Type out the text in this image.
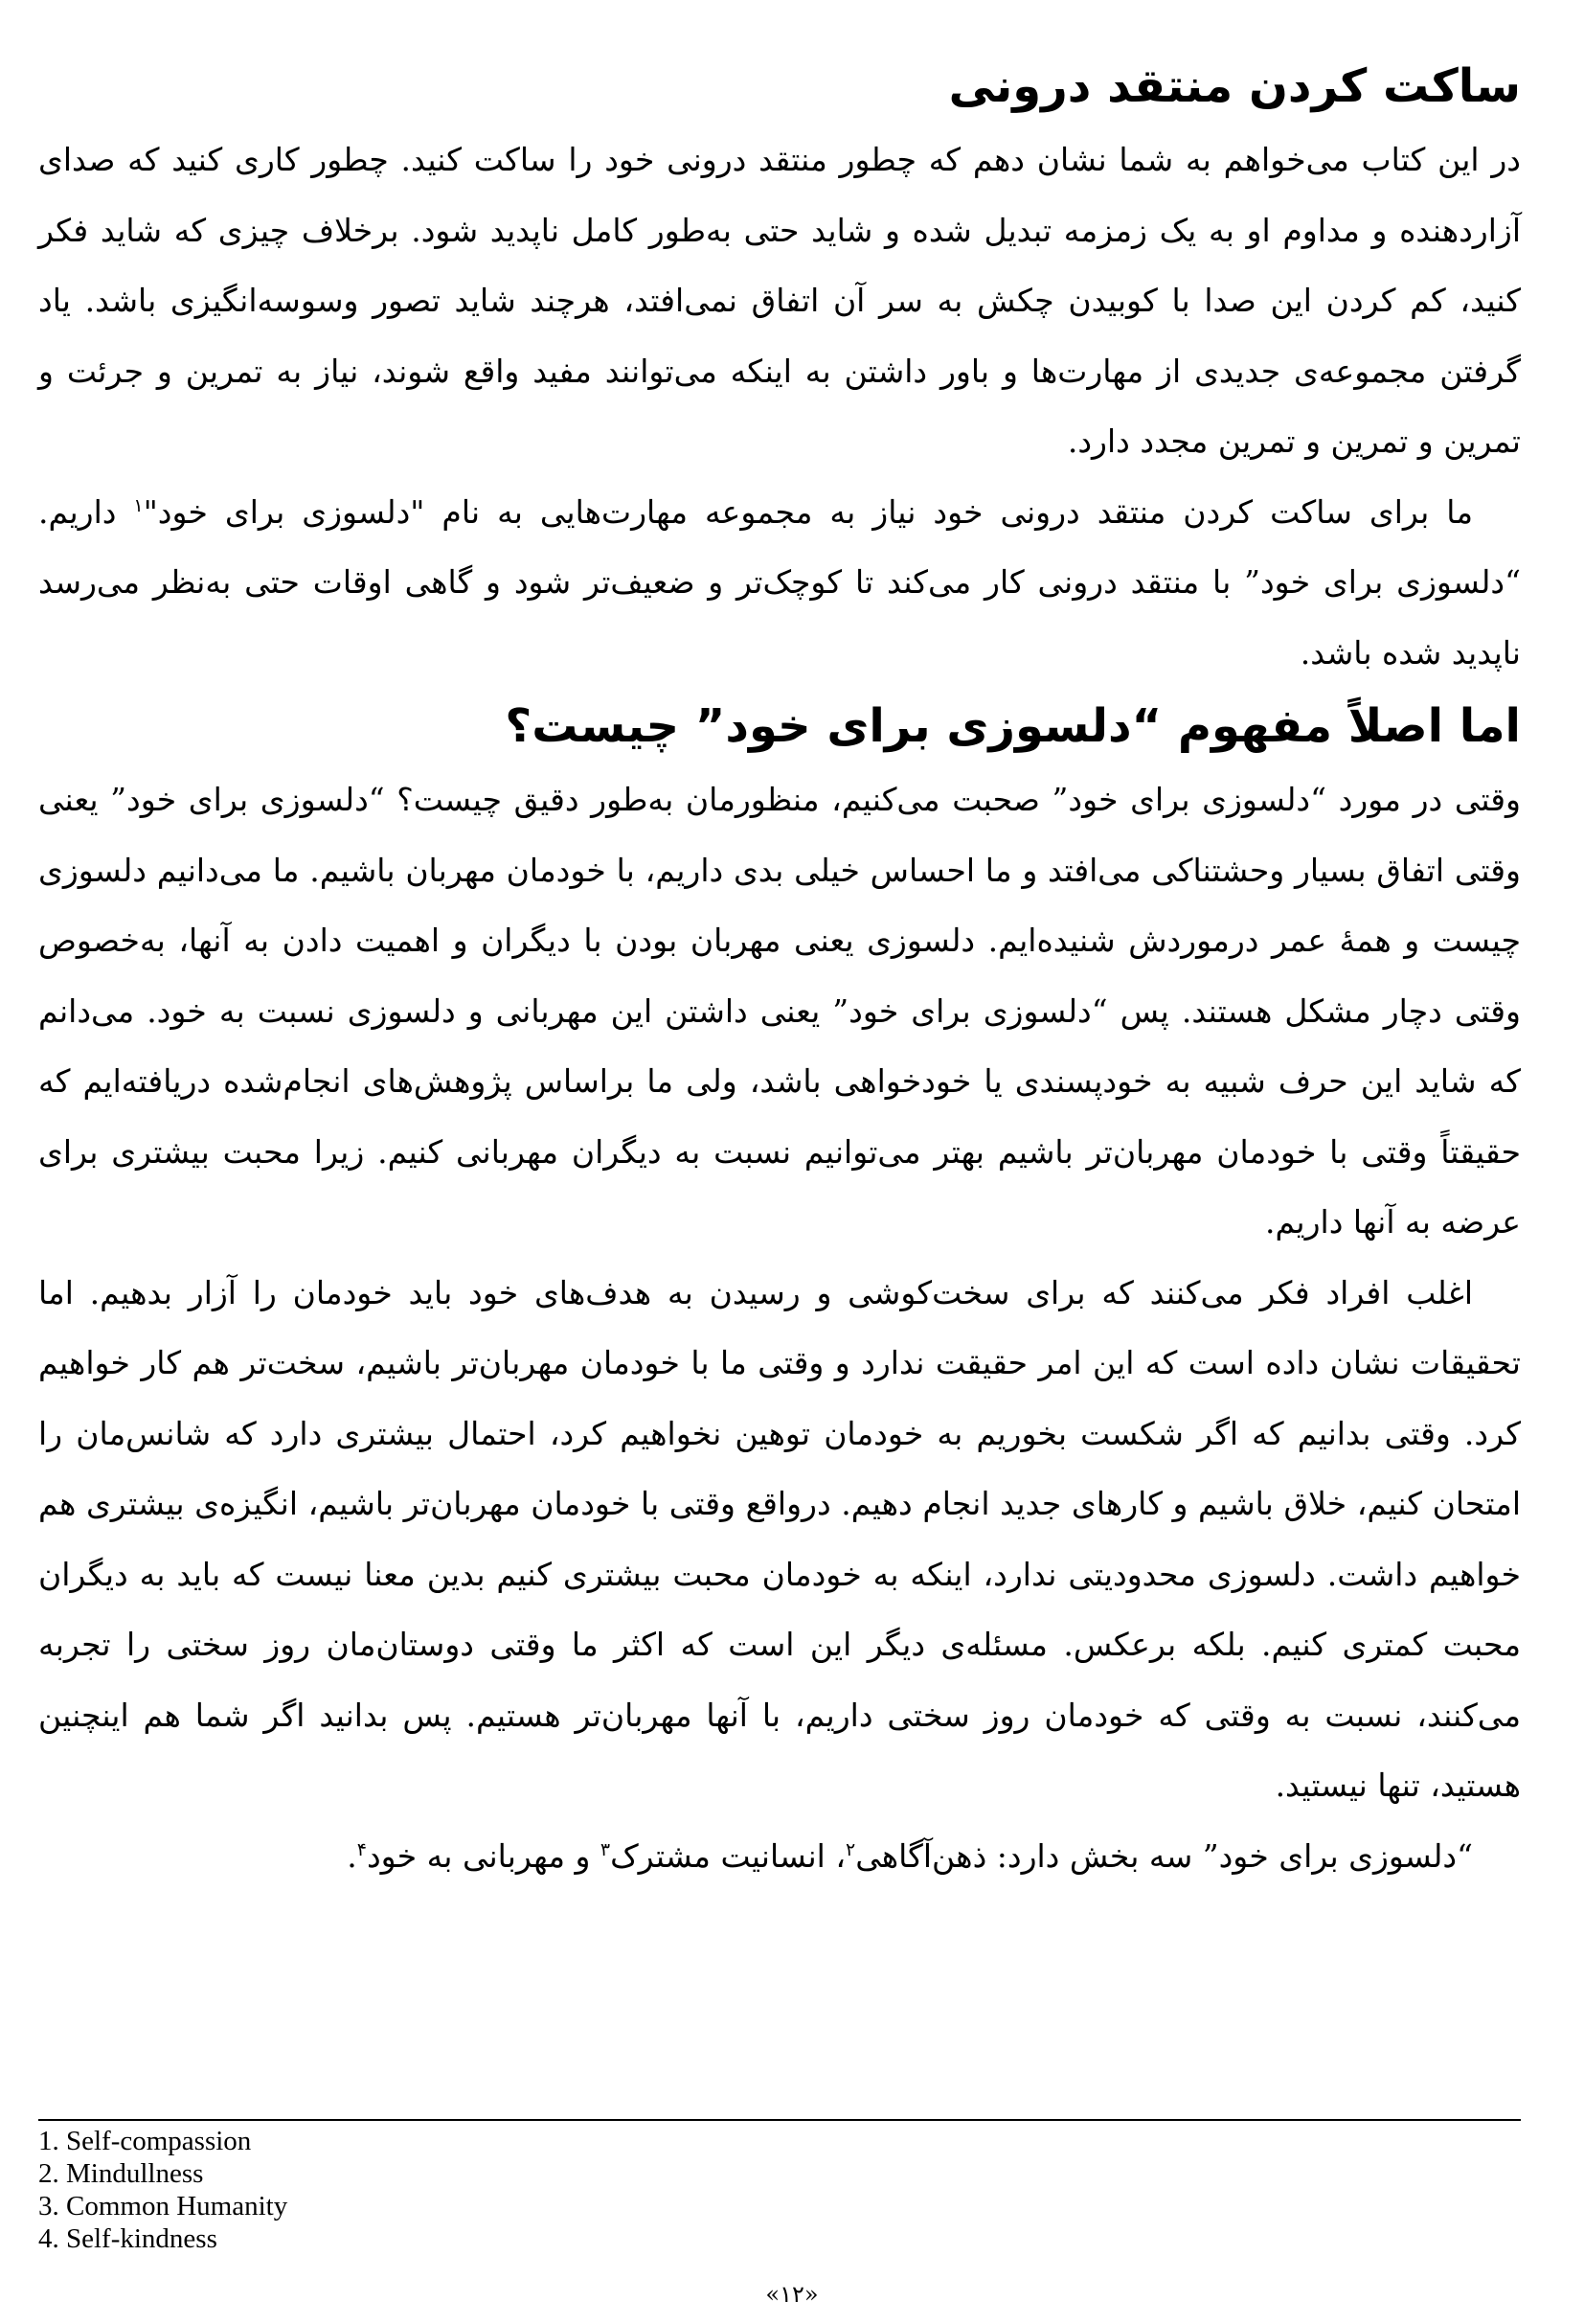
ساکت کردن منتقد درونی

در این کتاب می‌خواهم به شما نشان دهم که چطور منتقد درونی خود را ساکت کنید. چطور کاری کنید که صدای آزاردهنده و مداوم او به یک زمزمه تبدیل شده و شاید حتی به‌طور کامل ناپدید شود. برخلاف چیزی که شاید فکر کنید، کم کردن این صدا با کوبیدن چکش به سر آن اتفاق نمی‌افتد، هرچند شاید تصور وسوسه‌انگیزی باشد. یاد گرفتن مجموعه‌ی جدیدی از مهارت‌ها و باور داشتن به اینکه می‌توانند مفید واقع شوند، نیاز به تمرین و جرئت و تمرین و تمرین و تمرین مجدد دارد.

ما برای ساکت کردن منتقد درونی خود نیاز به مجموعه مهارت‌هایی به نام "دلسوزی برای خود"$^۱$ داریم. “دلسوزی برای خود” با منتقد درونی کار می‌کند تا کوچک‌تر و ضعیف‌تر شود و گاهی اوقات حتی به‌نظر می‌رسد ناپدید شده باشد.

اما اصلاً مفهوم “دلسوزی برای خود” چیست؟

وقتی در مورد “دلسوزی برای خود” صحبت می‌کنیم، منظورمان به‌طور دقیق چیست؟ “دلسوزی برای خود” یعنی وقتی اتفاق بسیار وحشتناکی می‌افتد و ما احساس خیلی بدی داریم، با خودمان مهربان باشیم. ما می‌دانیم دلسوزی چیست و همهٔ عمر درموردش شنیده‌ایم. دلسوزی یعنی مهربان بودن با دیگران و اهمیت دادن به آنها، به‌خصوص وقتی دچار مشکل هستند. پس “دلسوزی برای خود” یعنی داشتن این مهربانی و دلسوزی نسبت به خود. می‌دانم که شاید این حرف شبیه به خودپسندی یا خودخواهی باشد، ولی ما براساس پژوهش‌های انجام‌شده دریافته‌ایم که حقیقتاً وقتی با خودمان مهربان‌تر باشیم بهتر می‌توانیم نسبت به دیگران مهربانی کنیم. زیرا محبت بیشتری برای عرضه به آنها داریم.

اغلب افراد فکر می‌کنند که برای سخت‌کوشی و رسیدن به هدف‌های خود باید خودمان را آزار بدهیم. اما تحقیقات نشان داده است که این امر حقیقت ندارد و وقتی ما با خودمان مهربان‌تر باشیم، سخت‌تر هم کار خواهیم کرد. وقتی بدانیم که اگر شکست بخوریم به خودمان توهین نخواهیم کرد، احتمال بیشتری دارد که شانس‌مان را امتحان کنیم، خلاق باشیم و کارهای جدید انجام دهیم. درواقع وقتی با خودمان مهربان‌تر باشیم، انگیزه‌ی بیشتری هم خواهیم داشت. دلسوزی محدودیتی ندارد، اینکه به خودمان محبت بیشتری کنیم بدین معنا نیست که باید به دیگران محبت کمتری کنیم. بلکه برعکس. مسئله‌ی دیگر این است که اکثر ما وقتی دوستان‌مان روز سختی را تجربه می‌کنند، نسبت به وقتی که خودمان روز سختی داریم، با آنها مهربان‌تر هستیم. پس بدانید اگر شما هم اینچنین هستید، تنها نیستید.

“دلسوزی برای خود” سه بخش دارد: ذهن‌آگاهی$^۲$، انسانیت مشترک$^۳$ و مهربانی به خود$^۴$.

1. Self-compassion
2. Mindullness
3. Common Humanity
4. Self-kindness
«۱۲»
